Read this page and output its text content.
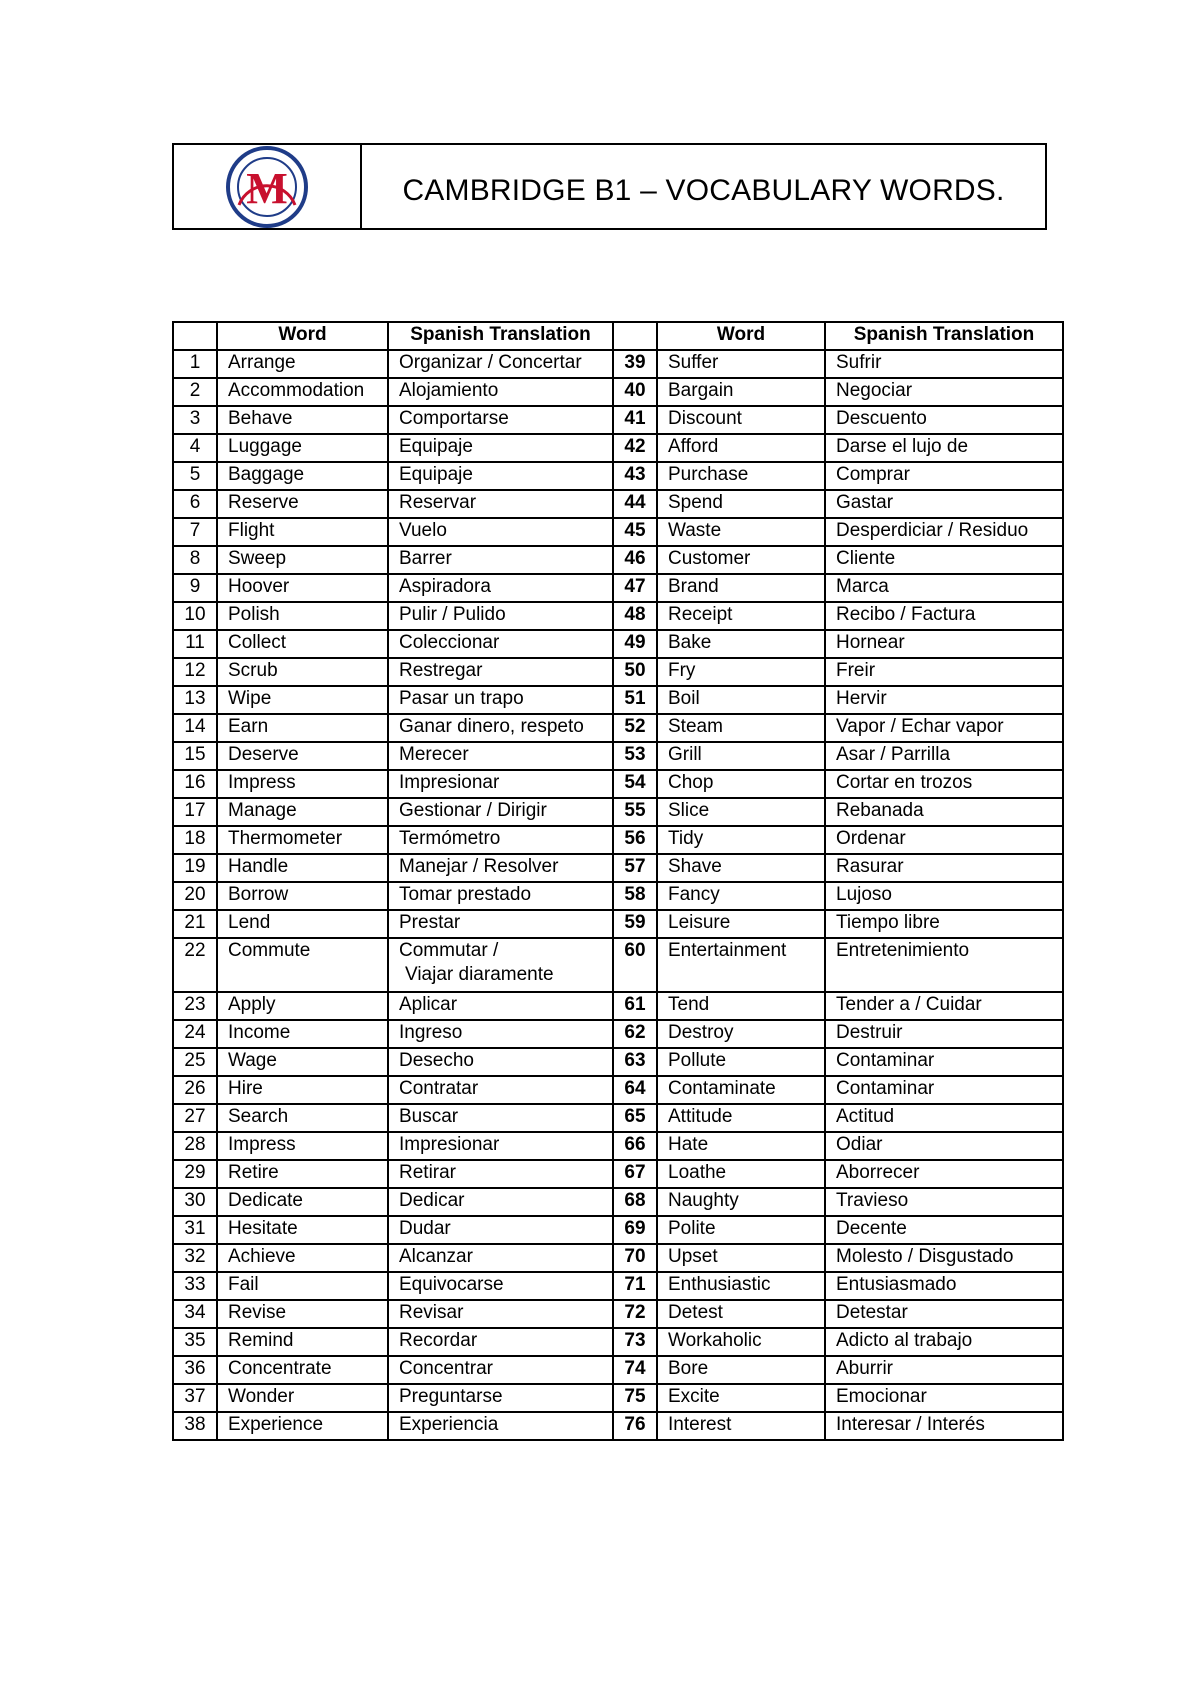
M	CAMBRIDGE B1 – VOCABULARY WORDS.
	Word	Spanish Translation		Word	Spanish Translation
1	Arrange	Organizar / Concertar	39	Suffer	Sufrir
2	Accommodation	Alojamiento	40	Bargain	Negociar
3	Behave	Comportarse	41	Discount	Descuento
4	Luggage	Equipaje	42	Afford	Darse el lujo de
5	Baggage	Equipaje	43	Purchase	Comprar
6	Reserve	Reservar	44	Spend	Gastar
7	Flight	Vuelo	45	Waste	Desperdiciar / Residuo
8	Sweep	Barrer	46	Customer	Cliente
9	Hoover	Aspiradora	47	Brand	Marca
10	Polish	Pulir / Pulido	48	Receipt	Recibo / Factura
11	Collect	Coleccionar	49	Bake	Hornear
12	Scrub	Restregar	50	Fry	Freir
13	Wipe	Pasar un trapo	51	Boil	Hervir
14	Earn	Ganar dinero, respeto	52	Steam	Vapor / Echar vapor
15	Deserve	Merecer	53	Grill	Asar / Parrilla
16	Impress	Impresionar	54	Chop	Cortar en trozos
17	Manage	Gestionar / Dirigir	55	Slice	Rebanada
18	Thermometer	Termómetro	56	Tidy	Ordenar
19	Handle	Manejar / Resolver	57	Shave	Rasurar
20	Borrow	Tomar prestado	58	Fancy	Lujoso
21	Lend	Prestar	59	Leisure	Tiempo libre
22	Commute	Commutar /
Viajar diaramente	60	Entertainment	Entretenimiento
23	Apply	Aplicar	61	Tend	Tender a / Cuidar
24	Income	Ingreso	62	Destroy	Destruir
25	Wage	Desecho	63	Pollute	Contaminar
26	Hire	Contratar	64	Contaminate	Contaminar
27	Search	Buscar	65	Attitude	Actitud
28	Impress	Impresionar	66	Hate	Odiar
29	Retire	Retirar	67	Loathe	Aborrecer
30	Dedicate	Dedicar	68	Naughty	Travieso
31	Hesitate	Dudar	69	Polite	Decente
32	Achieve	Alcanzar	70	Upset	Molesto / Disgustado
33	Fail	Equivocarse	71	Enthusiastic	Entusiasmado
34	Revise	Revisar	72	Detest	Detestar
35	Remind	Recordar	73	Workaholic	Adicto al trabajo
36	Concentrate	Concentrar	74	Bore	Aburrir
37	Wonder	Preguntarse	75	Excite	Emocionar
38	Experience	Experiencia	76	Interest	Interesar / Interés
